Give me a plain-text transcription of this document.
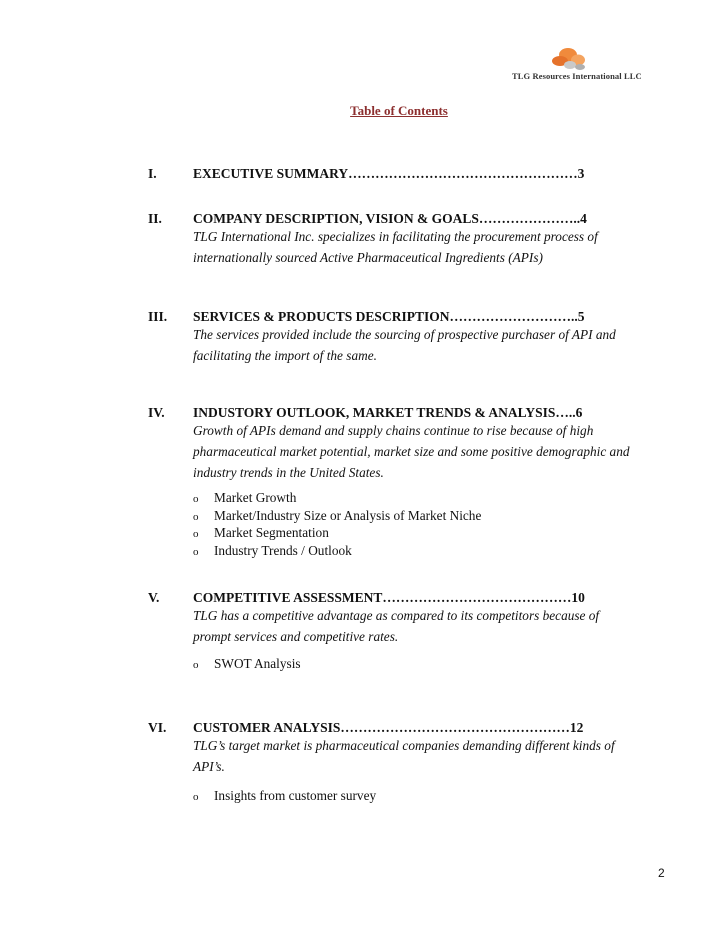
TLG Resources International LLC
Table of Contents
I.	EXECUTIVE SUMMARY……………………………………………3
II. COMPANY DESCRIPTION, VISION & GOALS…………………..4
TLG International Inc. specializes in facilitating the procurement process of
internationally sourced Active Pharmaceutical Ingredients (APIs)
III. SERVICES & PRODUCTS DESCRIPTION………………………..5
The services provided include the sourcing of prospective purchaser of API and
facilitating the import of the same.
IV. INDUSTORY OUTLOOK, MARKET TRENDS & ANALYSIS…..6
Growth of APIs demand and supply chains continue to rise because of high
pharmaceutical market potential, market size and some positive demographic and
industry trends in the United States.
o Market Growth
o Market/Industry Size or Analysis of Market Niche
o Market Segmentation
o Industry Trends / Outlook
V. COMPETITIVE ASSESSMENT……………………………………10
TLG has a competitive advantage as compared to its competitors because of
prompt services and competitive rates.
o SWOT Analysis
VI. CUSTOMER ANALYSIS……………………………………………12
TLG’s target market is pharmaceutical companies demanding different kinds of
API’s.
o Insights from customer survey
2
